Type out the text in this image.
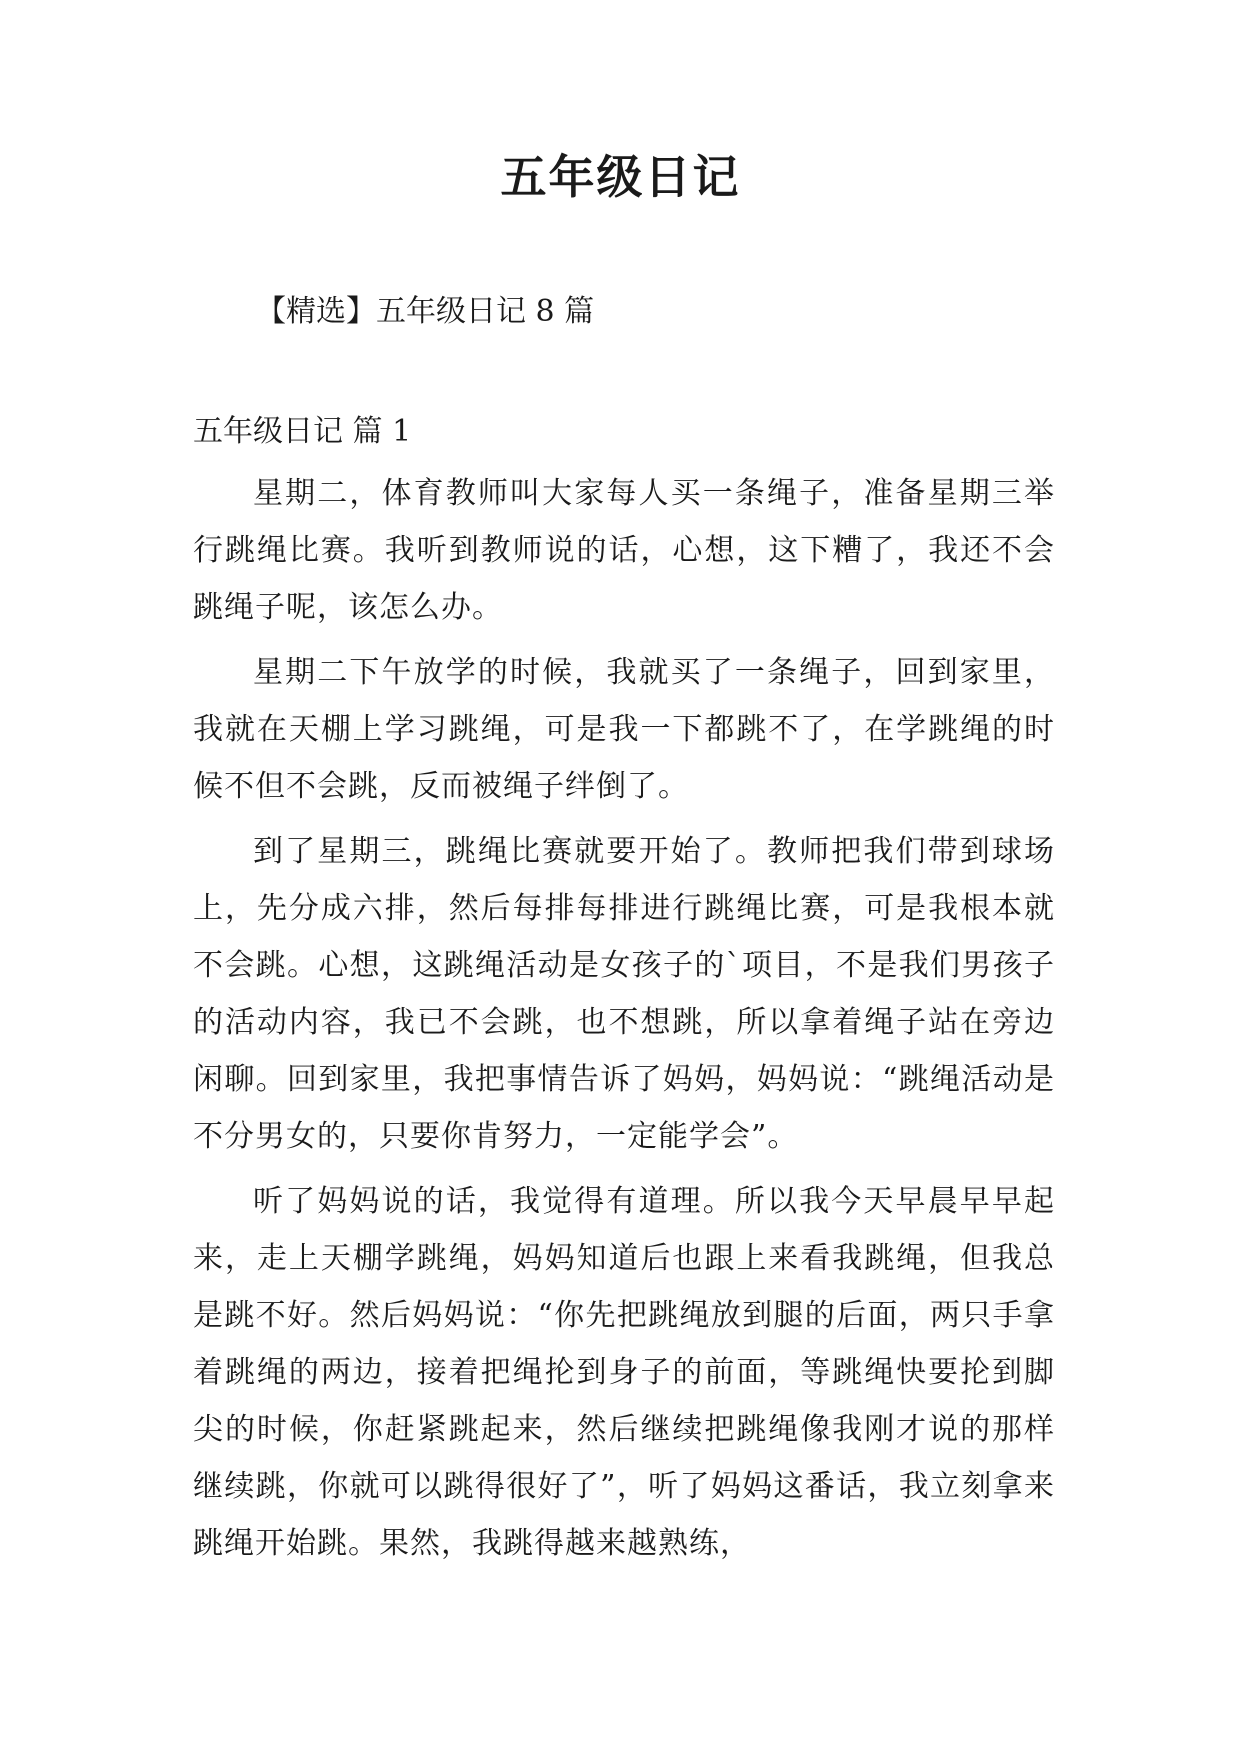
五年级日记

【精选】五年级日记 8 篇

五年级日记 篇 1

星期二，体育教师叫大家每人买一条绳子，准备星期三举行跳绳比赛。我听到教师说的话，心想，这下糟了，我还不会跳绳子呢，该怎么办。

星期二下午放学的时候，我就买了一条绳子，回到家里，我就在天棚上学习跳绳，可是我一下都跳不了，在学跳绳的时候不但不会跳，反而被绳子绊倒了。

到了星期三，跳绳比赛就要开始了。教师把我们带到球场上，先分成六排，然后每排每排进行跳绳比赛，可是我根本就不会跳。心想，这跳绳活动是女孩子的`项目，不是我们男孩子的活动内容，我已不会跳，也不想跳，所以拿着绳子站在旁边闲聊。回到家里，我把事情告诉了妈妈，妈妈说：“跳绳活动是不分男女的，只要你肯努力，一定能学会”。

听了妈妈说的话，我觉得有道理。所以我今天早晨早早起来，走上天棚学跳绳，妈妈知道后也跟上来看我跳绳，但我总是跳不好。然后妈妈说：“你先把跳绳放到腿的后面，两只手拿着跳绳的两边，接着把绳抡到身子的前面，等跳绳快要抡到脚尖的时候，你赶紧跳起来，然后继续把跳绳像我刚才说的那样继续跳，你就可以跳得很好了”，听了妈妈这番话，我立刻拿来跳绳开始跳。果然，我跳得越来越熟练，
